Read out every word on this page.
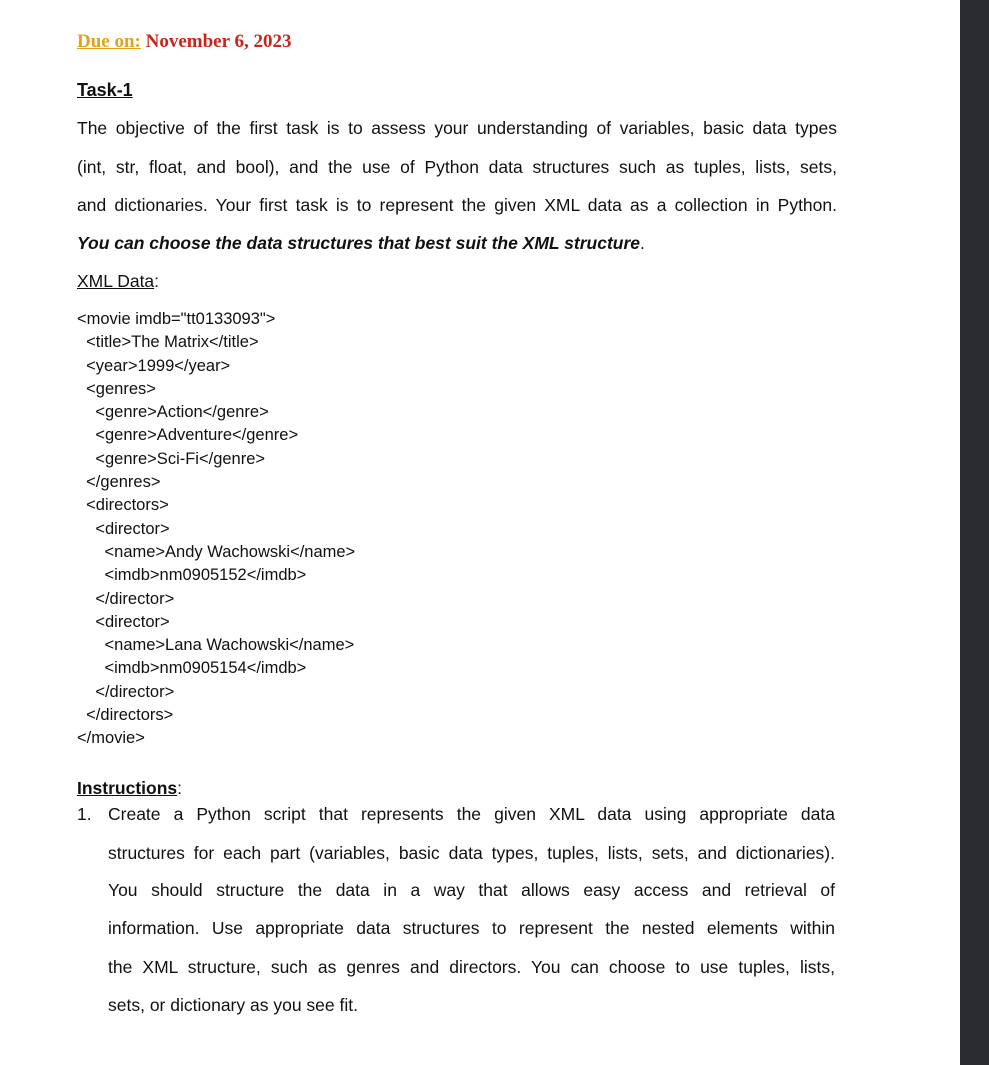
Due on: November 6, 2023
Task-1
The objective of the first task is to assess your understanding of variables, basic data types
(int, str, float, and bool), and the use of Python data structures such as tuples, lists, sets,
and dictionaries. Your first task is to represent the given XML data as a collection in Python.
You can choose the data structures that best suit the XML structure.
XML Data:
<movie imdb="tt0133093">
<title>The Matrix</title>
<year>1999</year>
<genres>
<genre>Action</genre>
<genre>Adventure</genre>
<genre>Sci-Fi</genre>
</genres>
<directors>
<director>
<name>Andy Wachowski</name>
<imdb>nm0905152</imdb>
</director>
<director>
<name>Lana Wachowski</name>
<imdb>nm0905154</imdb>
</director>
</directors>
</movie>
Instructions:
1. Create a Python script that represents the given XML data using appropriate data
structures for each part (variables, basic data types, tuples, lists, sets, and dictionaries).
You should structure the data in a way that allows easy access and retrieval of
information. Use appropriate data structures to represent the nested elements within
the XML structure, such as genres and directors. You can choose to use tuples, lists,
sets, or dictionary as you see fit.
